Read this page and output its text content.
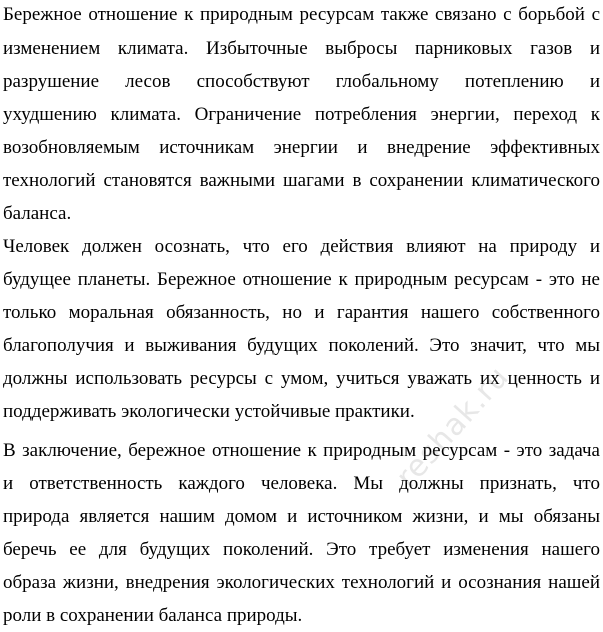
Бережное отношение к природным ресурсам также связано с борьбой с
изменением климата. Избыточные выбросы парниковых газов и
разрушение лесов способствуют глобальному потеплению и
ухудшению климата. Ограничение потребления энергии, переход к
возобновляемым источникам энергии и внедрение эффективных
технологий становятся важными шагами в сохранении климатического
баланса.
Человек должен осознать, что его действия влияют на природу и
будущее планеты. Бережное отношение к природным ресурсам - это не
только моральная обязанность, но и гарантия нашего собственного
благополучия и выживания будущих поколений. Это значит, что мы
должны использовать ресурсы с умом, учиться уважать их ценность и
поддерживать экологически устойчивые практики.
В заключение, бережное отношение к природным ресурсам - это задача
и ответственность каждого человека. Мы должны признать, что
природа является нашим домом и источником жизни, и мы обязаны
беречь ее для будущих поколений. Это требует изменения нашего
образа жизни, внедрения экологических технологий и осознания нашей
роли в сохранении баланса природы.
reshak.ru
